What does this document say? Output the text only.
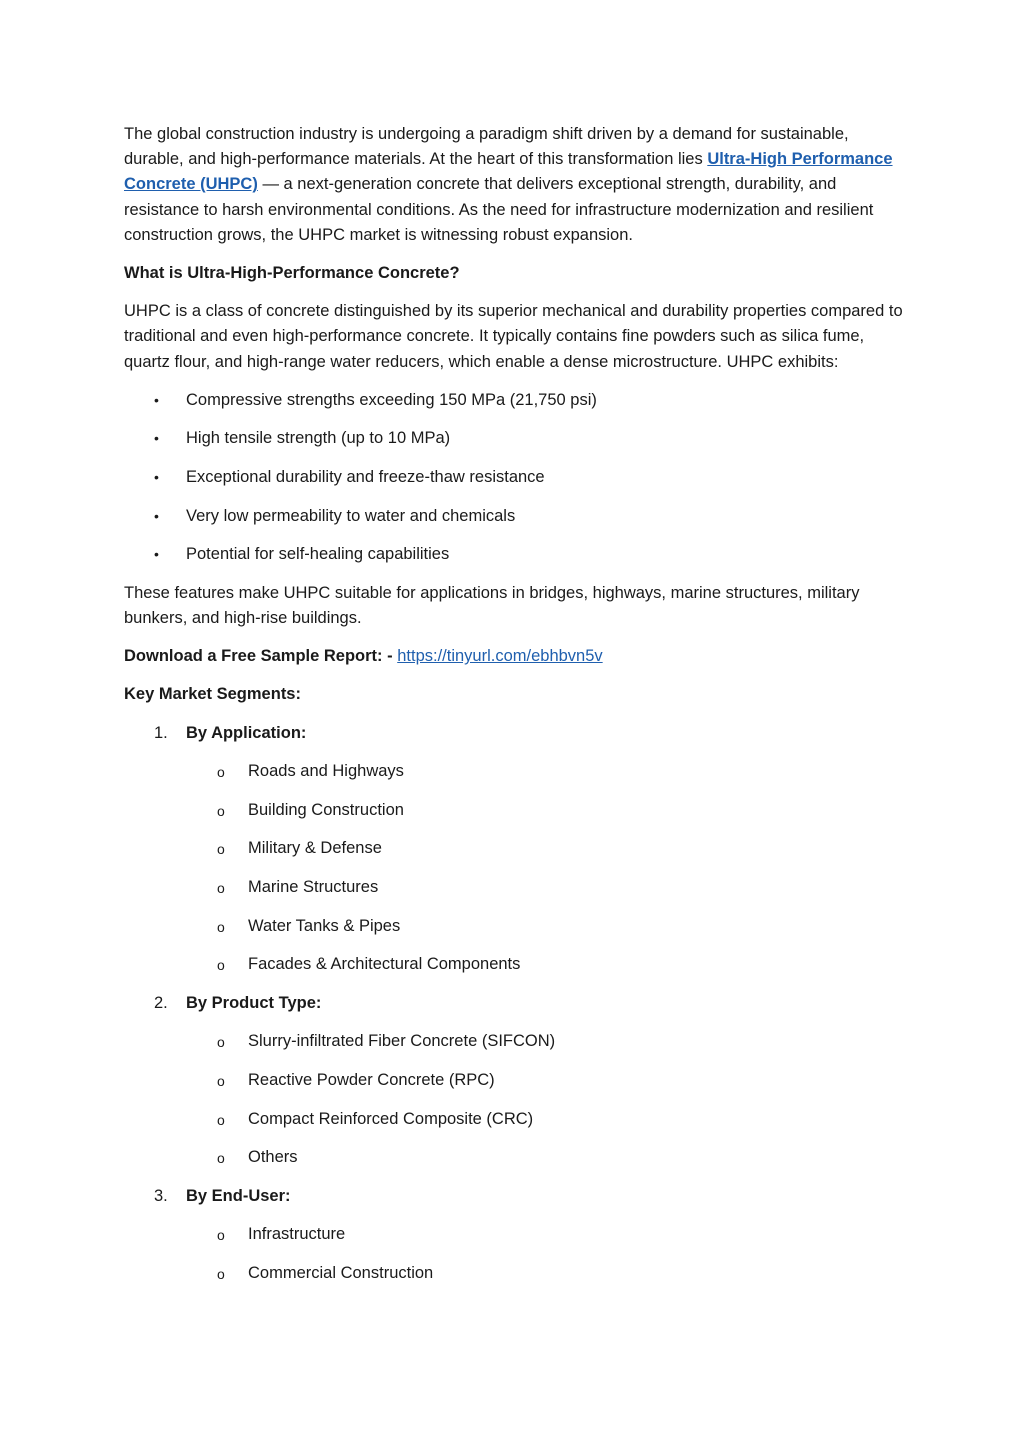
The global construction industry is undergoing a paradigm shift driven by a demand for sustainable, durable, and high-performance materials. At the heart of this transformation lies Ultra-High Performance Concrete (UHPC) — a next-generation concrete that delivers exceptional strength, durability, and resistance to harsh environmental conditions. As the need for infrastructure modernization and resilient construction grows, the UHPC market is witnessing robust expansion.

What is Ultra-High-Performance Concrete?

UHPC is a class of concrete distinguished by its superior mechanical and durability properties compared to traditional and even high-performance concrete. It typically contains fine powders such as silica fume, quartz flour, and high-range water reducers, which enable a dense microstructure. UHPC exhibits:

• Compressive strengths exceeding 150 MPa (21,750 psi)
• High tensile strength (up to 10 MPa)
• Exceptional durability and freeze-thaw resistance
• Very low permeability to water and chemicals
• Potential for self-healing capabilities

These features make UHPC suitable for applications in bridges, highways, marine structures, military bunkers, and high-rise buildings.

Download a Free Sample Report: - https://tinyurl.com/ebhbvn5v

Key Market Segments:

1. By Application:
o Roads and Highways
o Building Construction
o Military & Defense
o Marine Structures
o Water Tanks & Pipes
o Facades & Architectural Components
2. By Product Type:
o Slurry-infiltrated Fiber Concrete (SIFCON)
o Reactive Powder Concrete (RPC)
o Compact Reinforced Composite (CRC)
o Others
3. By End-User:
o Infrastructure
o Commercial Construction
